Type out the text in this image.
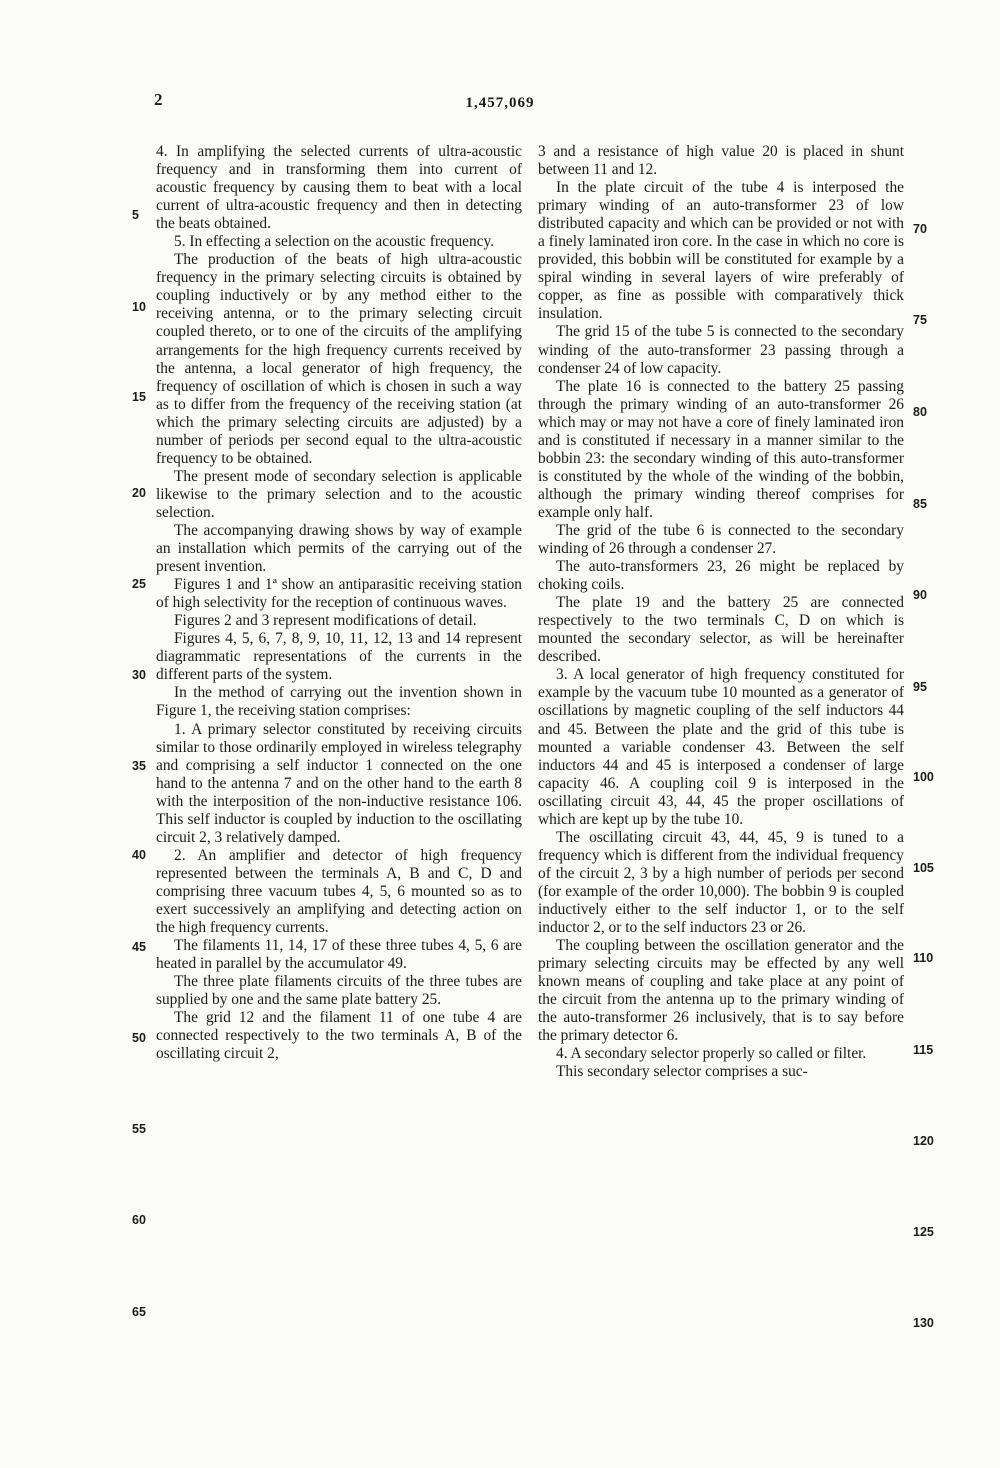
2	1,457,069

4. In amplifying the selected currents of ultra-acoustic frequency and in transforming them into current of acoustic frequency by causing them to beat with a local current of ultra-acoustic frequency and then in detecting the beats obtained.

5. In effecting a selection on the acoustic frequency.

The production of the beats of high ultra-acoustic frequency in the primary selecting circuits is obtained by coupling inductively or by any method either to the receiving antenna, or to the primary selecting circuit coupled thereto, or to one of the circuits of the amplifying arrangements for the high frequency currents received by the antenna, a local generator of high frequency, the frequency of oscillation of which is chosen in such a way as to differ from the frequency of the receiving station (at which the primary selecting circuits are adjusted) by a number of periods per second equal to the ultra-acoustic frequency to be obtained.

The present mode of secondary selection is applicable likewise to the primary selection and to the acoustic selection.

The accompanying drawing shows by way of example an installation which permits of the carrying out of the present invention.

Figures 1 and 1ª show an antiparasitic receiving station of high selectivity for the reception of continuous waves.

Figures 2 and 3 represent modifications of detail.

Figures 4, 5, 6, 7, 8, 9, 10, 11, 12, 13 and 14 represent diagrammatic representations of the currents in the different parts of the system.

In the method of carrying out the invention shown in Figure 1, the receiving station comprises:

1. A primary selector constituted by receiving circuits similar to those ordinarily employed in wireless telegraphy and comprising a self inductor 1 connected on the one hand to the antenna 7 and on the other hand to the earth 8 with the interposition of the non-inductive resistance 106. This self inductor is coupled by induction to the oscillating circuit 2, 3 relatively damped.

2. An amplifier and detector of high frequency represented between the terminals A, B and C, D and comprising three vacuum tubes 4, 5, 6 mounted so as to exert successively an amplifying and detecting action on the high frequency currents.

The filaments 11, 14, 17 of these three tubes 4, 5, 6 are heated in parallel by the accumulator 49.

The three plate filaments circuits of the three tubes are supplied by one and the same plate battery 25.

The grid 12 and the filament 11 of one tube 4 are connected respectively to the two terminals A, B of the oscillating circuit 2,

3 and a resistance of high value 20 is placed in shunt between 11 and 12.

In the plate circuit of the tube 4 is interposed the primary winding of an auto-transformer 23 of low distributed capacity and which can be provided or not with a finely laminated iron core. In the case in which no core is provided, this bobbin will be constituted for example by a spiral winding in several layers of wire preferably of copper, as fine as possible with comparatively thick insulation.

The grid 15 of the tube 5 is connected to the secondary winding of the auto-transformer 23 passing through a condenser 24 of low capacity.

The plate 16 is connected to the battery 25 passing through the primary winding of an auto-transformer 26 which may or may not have a core of finely laminated iron and is constituted if necessary in a manner similar to the bobbin 23: the secondary winding of this auto-transformer is constituted by the whole of the winding of the bobbin, although the primary winding thereof comprises for example only half.

The grid of the tube 6 is connected to the secondary winding of 26 through a condenser 27.

The auto-transformers 23, 26 might be replaced by choking coils.

The plate 19 and the battery 25 are connected respectively to the two terminals C, D on which is mounted the secondary selector, as will be hereinafter described.

3. A local generator of high frequency constituted for example by the vacuum tube 10 mounted as a generator of oscillations by magnetic coupling of the self inductors 44 and 45. Between the plate and the grid of this tube is mounted a variable condenser 43. Between the self inductors 44 and 45 is interposed a condenser of large capacity 46. A coupling coil 9 is interposed in the oscillating circuit 43, 44, 45 the proper oscillations of which are kept up by the tube 10.

The oscillating circuit 43, 44, 45, 9 is tuned to a frequency which is different from the individual frequency of the circuit 2, 3 by a high number of periods per second (for example of the order 10,000). The bobbin 9 is coupled inductively either to the self inductor 1, or to the self inductor 2, or to the self inductors 23 or 26.

The coupling between the oscillation generator and the primary selecting circuits may be effected by any well known means of coupling and take place at any point of the circuit from the antenna up to the primary winding of the auto-transformer 26 inclusively, that is to say before the primary detector 6.

4. A secondary selector properly so called or filter.

This secondary selector comprises a suc-

5
10
15
20
25
30
35
40
45
50
55
60
65
70
75
80
85
90
95
100
105
110
115
120
125
130
